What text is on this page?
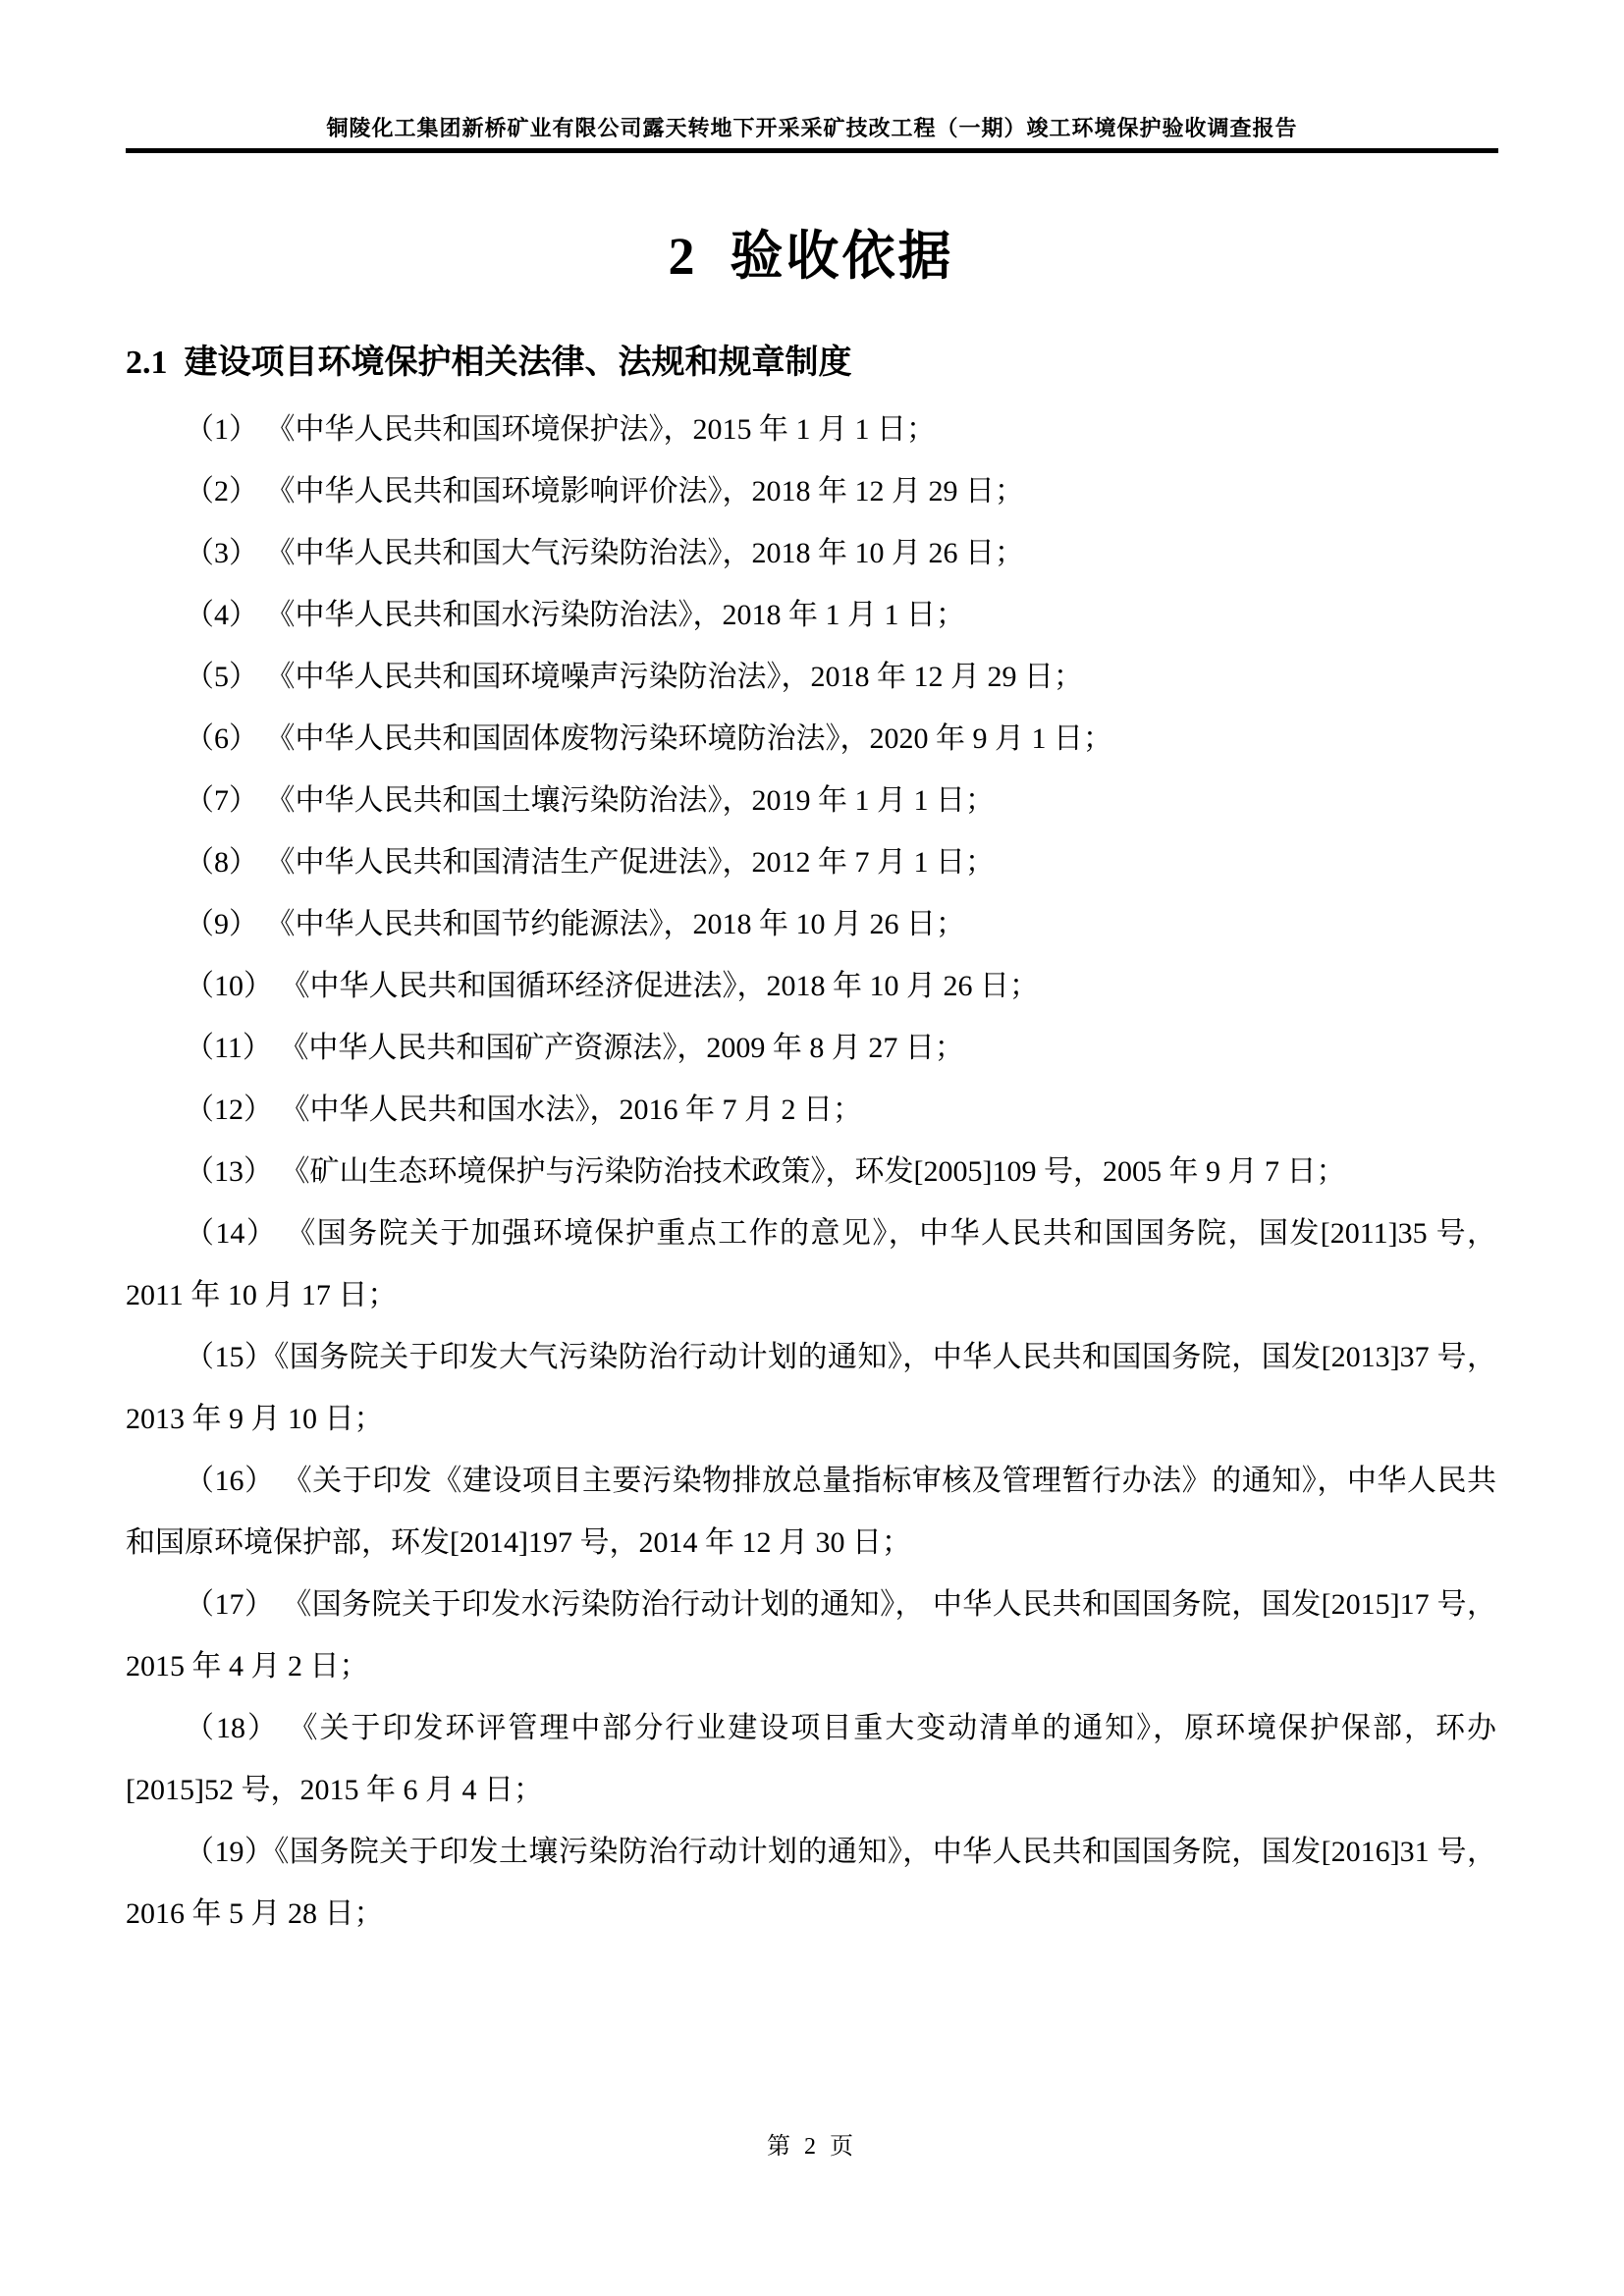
铜陵化工集团新桥矿业有限公司露天转地下开采采矿技改工程（一期）竣工环境保护验收调查报告
2  验收依据
2.1  建设项目环境保护相关法律、法规和规章制度

（1） 《中华人民共和国环境保护法》，2015 年 1 月 1 日；

（2） 《中华人民共和国环境影响评价法》，2018 年 12 月 29 日；

（3） 《中华人民共和国大气污染防治法》，2018 年 10 月 26 日；

（4） 《中华人民共和国水污染防治法》，2018 年 1 月 1 日；

（5） 《中华人民共和国环境噪声污染防治法》，2018 年 12 月 29 日；

（6） 《中华人民共和国固体废物污染环境防治法》，2020 年 9 月 1 日；

（7） 《中华人民共和国土壤污染防治法》，2019 年 1 月 1 日；

（8） 《中华人民共和国清洁生产促进法》，2012 年 7 月 1 日；

（9） 《中华人民共和国节约能源法》，2018 年 10 月 26 日；

（10） 《中华人民共和国循环经济促进法》，2018 年 10 月 26 日；

（11） 《中华人民共和国矿产资源法》，2009 年 8 月 27 日；

（12） 《中华人民共和国水法》，2016 年 7 月 2 日；

（13） 《矿山生态环境保护与污染防治技术政策》，环发[2005]109 号，2005 年 9 月 7 日；

（14） 《国务院关于加强环境保护重点工作的意见》，中华人民共和国国务院，国发[2011]35 号，2011 年 10 月 17 日；

（15）《国务院关于印发大气污染防治行动计划的通知》，中华人民共和国国务院，国发[2013]37 号，2013 年 9 月 10 日；

（16） 《关于印发《建设项目主要污染物排放总量指标审核及管理暂行办法》的通知》，中华人民共和国原环境保护部，环发[2014]197 号，2014 年 12 月 30 日；

（17） 《国务院关于印发水污染防治行动计划的通知》， 中华人民共和国国务院，国发[2015]17 号，2015 年 4 月 2 日；

（18） 《关于印发环评管理中部分行业建设项目重大变动清单的通知》，原环境保护保部，环办[2015]52 号，2015 年 6 月 4 日；

（19）《国务院关于印发土壤污染防治行动计划的通知》，中华人民共和国国务院，国发[2016]31 号，2016 年 5 月 28 日；

第 2 页
